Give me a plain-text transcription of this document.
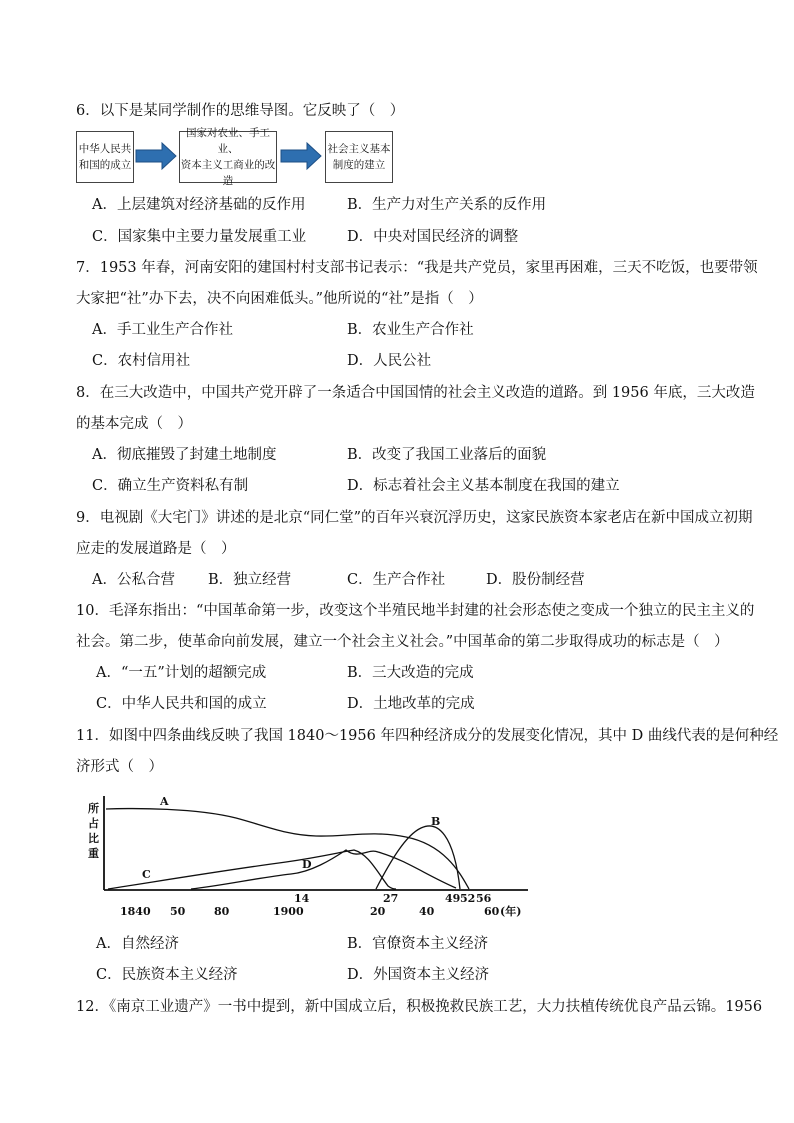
6．以下是某同学制作的思维导图。它反映了（　）
中华人民共
和国的成立
国家对农业、手工业、
资本主义工商业的改造
社会主义基本
制度的建立
A．上层建筑对经济基础的反作用	B．生产力对生产关系的反作用
C．国家集中主要力量发展重工业	D．中央对国民经济的调整
7．1953 年春，河南安阳的建国村村支部书记表示：“我是共产党员，家里再困难，三天不吃饭，也要带领
大家把“社”办下去，决不向困难低头。”他所说的“社”是指（　）
A．手工业生产合作社	B．农业生产合作社
C．农村信用社	D．人民公社
8．在三大改造中，中国共产党开辟了一条适合中国国情的社会主义改造的道路。到 1956 年底，三大改造
的基本完成（　）
A．彻底摧毁了封建土地制度	B．改变了我国工业落后的面貌
C．确立生产资料私有制	D．标志着社会主义基本制度在我国的建立
9．电视剧《大宅门》讲述的是北京“同仁堂”的百年兴衰沉浮历史，这家民族资本家老店在新中国成立初期
应走的发展道路是（　）
A．公私合营 B．独立经营	C．生产合作社	D．股份制经营
10．毛泽东指出：“中国革命第一步，改变这个半殖民地半封建的社会形态使之变成一个独立的民主主义的
社会。第二步，使革命向前发展，建立一个社会主义社会。”中国革命的第二步取得成功的标志是（　）
A．“一五”计划的超额完成	B．三大改造的完成
C．中华人民共和国的成立	D．土地改革的完成
11．如图中四条曲线反映了我国 1840～1956 年四种经济成分的发展变化情况，其中 D 曲线代表的是何种经
济形式（　）
所
占
比
重
A
B
C
D
14	27	49 52 56
1840 50	80	1900	20	40	60 (年)
A．自然经济	B．官僚资本主义经济
C．民族资本主义经济	D．外国资本主义经济
12．《南京工业遗产》一书中提到，新中国成立后，积极挽救民族工艺，大力扶植传统优良产品云锦。1956
